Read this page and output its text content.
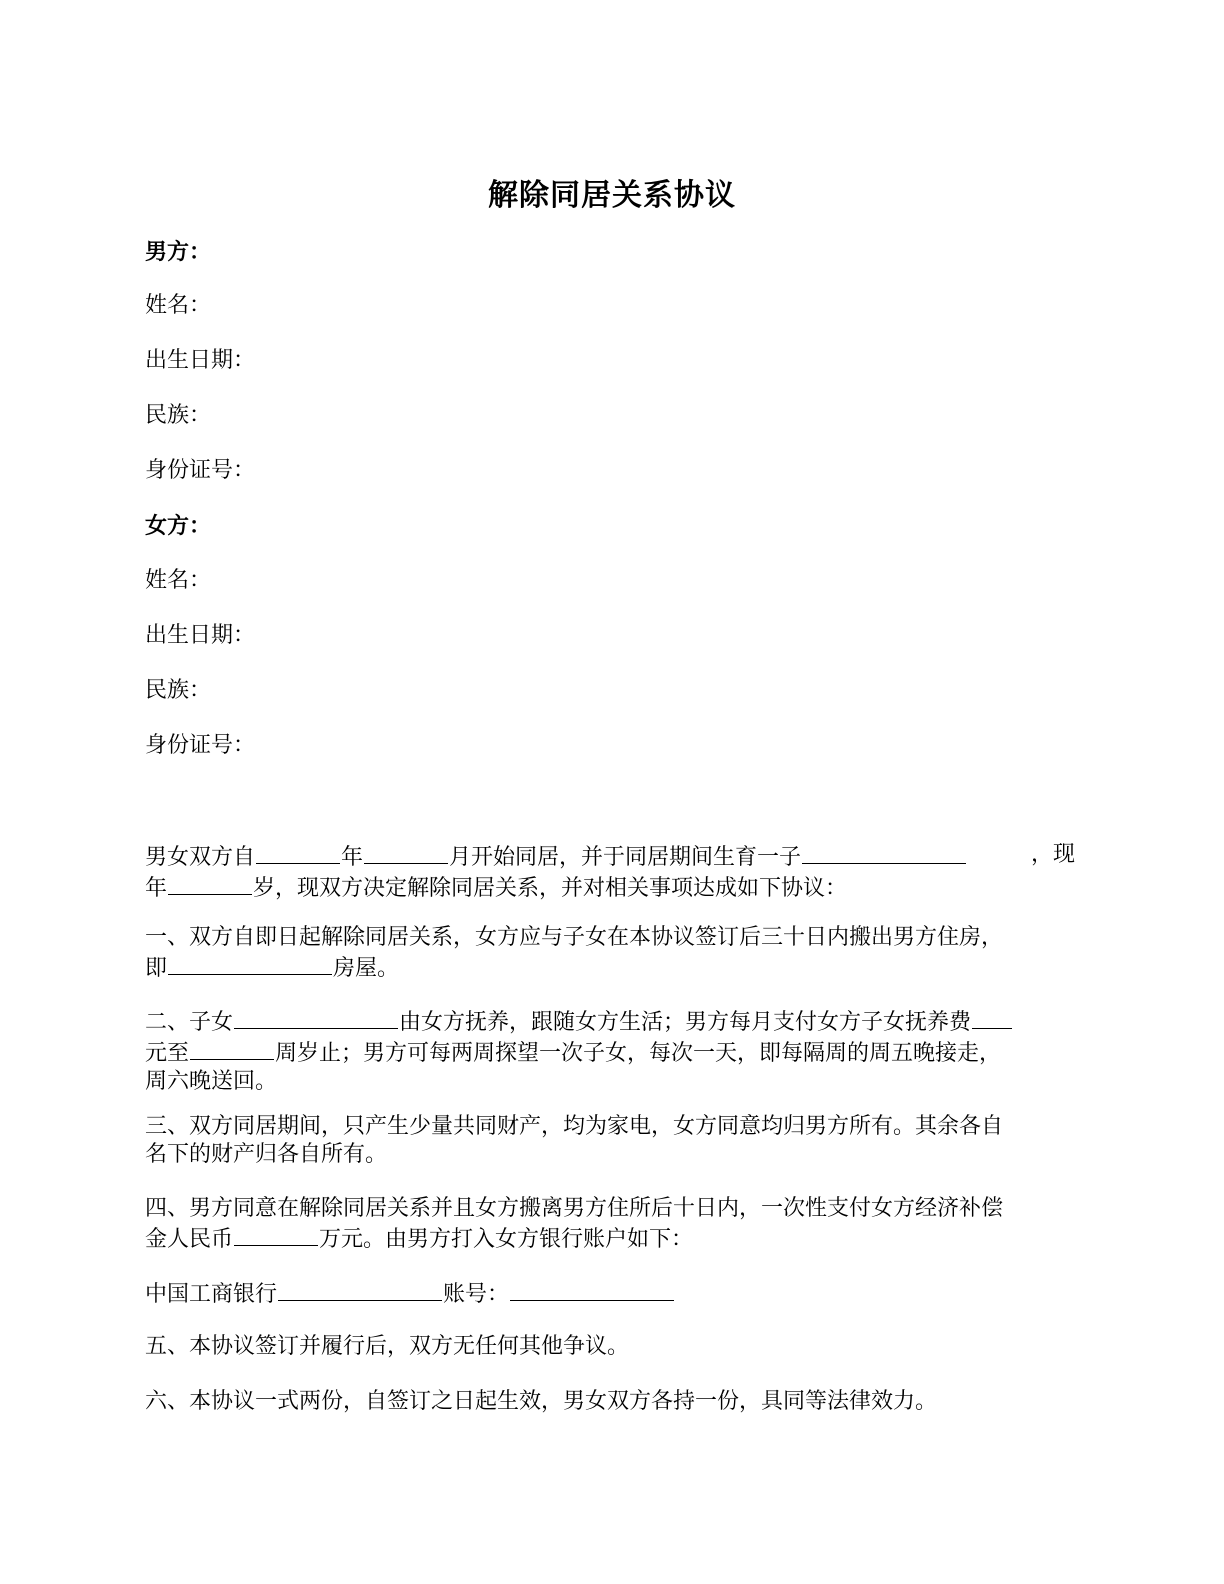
解除同居关系协议

男方：

姓名：

出生日期：

民族：

身份证号：

女方：

姓名：

出生日期：

民族：

身份证号：

男女双方自	年	月开始同居，并于同居期间生育一子	，现
年	岁，现双方决定解除同居关系，并对相关事项达成如下协议：
一、双方自即日起解除同居关系，女方应与子女在本协议签订后三十日内搬出男方住房，
即	房屋。
二、子女	由女方抚养，跟随女方生活；男方每月支付女方子女抚养费
元至	周岁止；男方可每两周探望一次子女，每次一天，即每隔周的周五晚接走，
周六晚送回。
三、双方同居期间，只产生少量共同财产，均为家电，女方同意均归男方所有。其余各自
名下的财产归各自所有。
四、男方同意在解除同居关系并且女方搬离男方住所后十日内，一次性支付女方经济补偿
金人民币	万元。由男方打入女方银行账户如下：

中国工商银行	账号：

五、本协议签订并履行后，双方无任何其他争议。

六、本协议一式两份，自签订之日起生效，男女双方各持一份，具同等法律效力。
